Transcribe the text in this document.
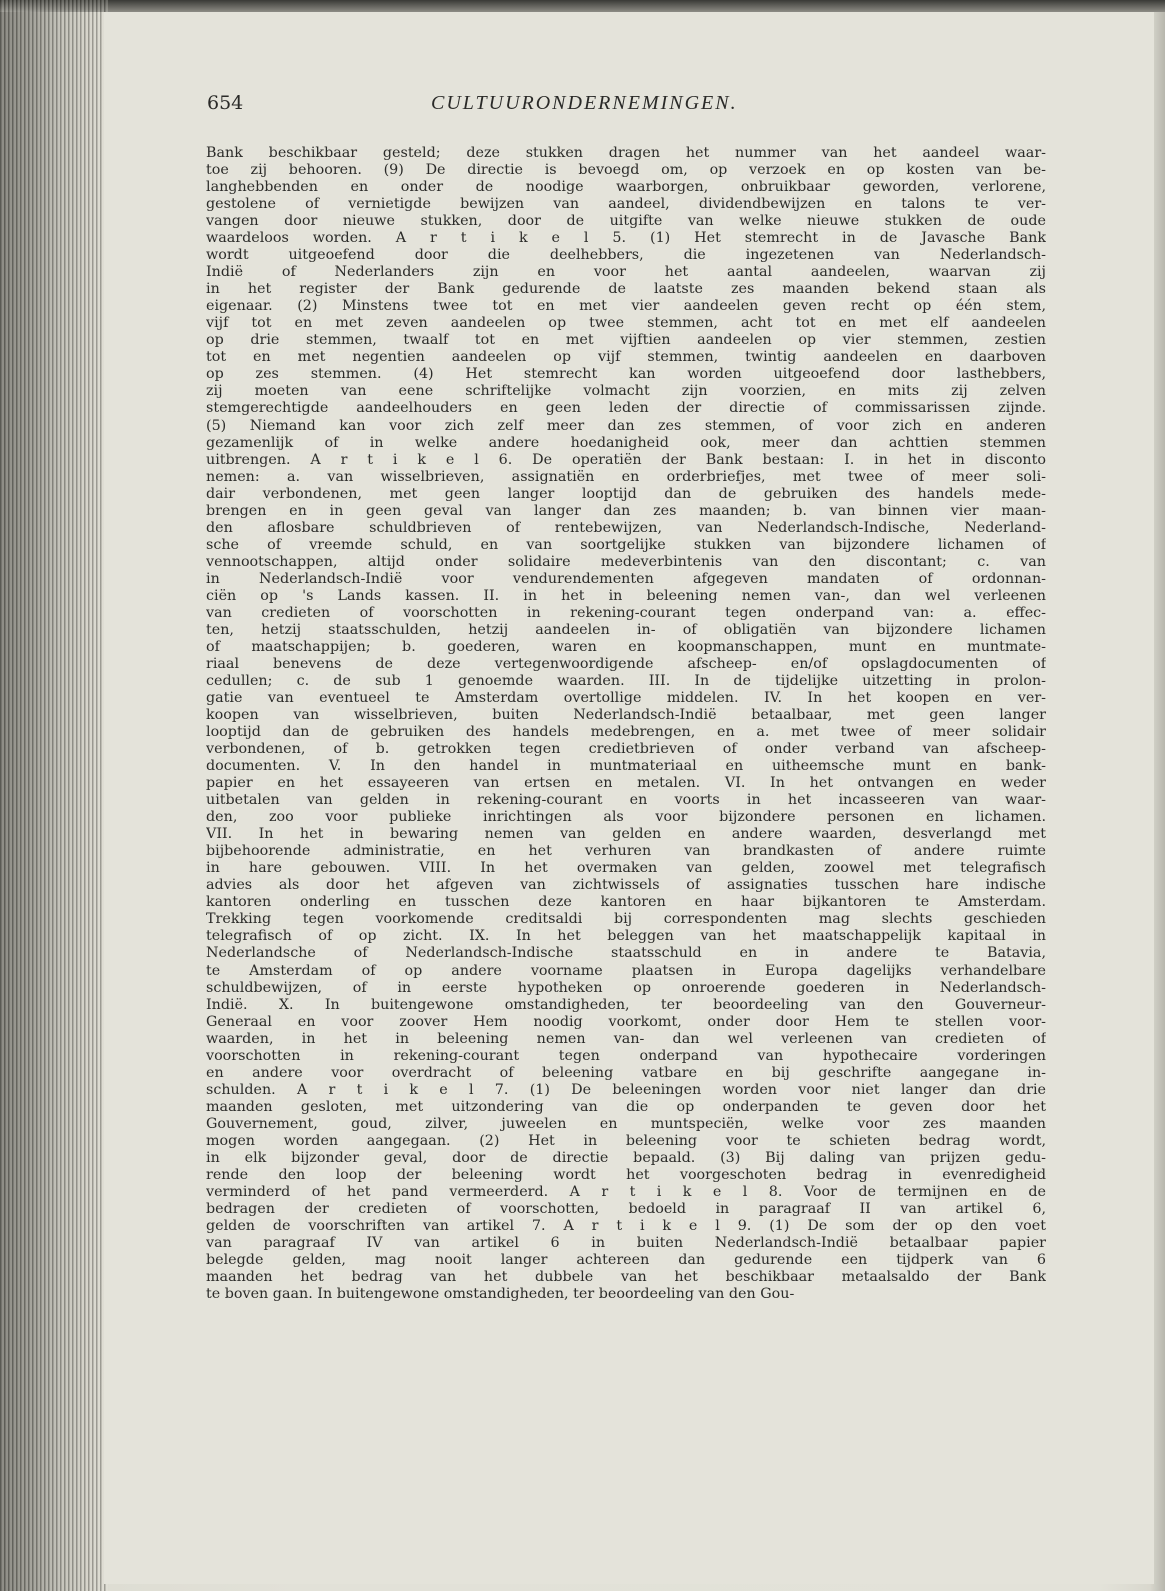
654	CULTUURONDERNEMINGEN.
Bank beschikbaar gesteld; deze stukken dragen het nummer van het aandeel waar-
toe zij behooren. (9) De directie is bevoegd om, op verzoek en op kosten van be-
langhebbenden en onder de noodige waarborgen, onbruikbaar geworden, verlorene,
gestolene of vernietigde bewijzen van aandeel, dividendbewijzen en talons te ver-
vangen door nieuwe stukken, door de uitgifte van welke nieuwe stukken de oude
waardeloos worden. A r t i k e l 5. (1) Het stemrecht in de Javasche Bank
wordt uitgeoefend door die deelhebbers, die ingezetenen van Nederlandsch-
Indië of Nederlanders zijn en voor het aantal aandeelen, waarvan zij
in het register der Bank gedurende de laatste zes maanden bekend staan als
eigenaar. (2) Minstens twee tot en met vier aandeelen geven recht op één stem,
vijf tot en met zeven aandeelen op twee stemmen, acht tot en met elf aandeelen
op drie stemmen, twaalf tot en met vijftien aandeelen op vier stemmen, zestien
tot en met negentien aandeelen op vijf stemmen, twintig aandeelen en daarboven
op zes stemmen. (4) Het stemrecht kan worden uitgeoefend door lasthebbers,
zij moeten van eene schriftelijke volmacht zijn voorzien, en mits zij zelven
stemgerechtigde aandeelhouders en geen leden der directie of commissarissen zijnde.
(5) Niemand kan voor zich zelf meer dan zes stemmen, of voor zich en anderen
gezamenlijk of in welke andere hoedanigheid ook, meer dan achttien stemmen
uitbrengen. A r t i k e l 6. De operatiën der Bank bestaan: I. in het in disconto
nemen: a. van wisselbrieven, assignatiën en orderbriefjes, met twee of meer soli-
dair verbondenen, met geen langer looptijd dan de gebruiken des handels mede-
brengen en in geen geval van langer dan zes maanden; b. van binnen vier maan-
den aflosbare schuldbrieven of rentebewijzen, van Nederlandsch-Indische, Nederland-
sche of vreemde schuld, en van soortgelijke stukken van bijzondere lichamen of
vennootschappen, altijd onder solidaire medeverbintenis van den discontant; c. van
in Nederlandsch-Indië voor vendurendementen afgegeven mandaten of ordonnan-
ciën op 's Lands kassen. II. in het in beleening nemen van-, dan wel verleenen
van credieten of voorschotten in rekening-courant tegen onderpand van: a. effec-
ten, hetzij staatsschulden, hetzij aandeelen in- of obligatiën van bijzondere lichamen
of maatschappijen; b. goederen, waren en koopmanschappen, munt en muntmate-
riaal benevens de deze vertegenwoordigende afscheep- en/of opslagdocumenten of
cedullen; c. de sub 1 genoemde waarden. III. In de tijdelijke uitzetting in prolon-
gatie van eventueel te Amsterdam overtollige middelen. IV. In het koopen en ver-
koopen van wisselbrieven, buiten Nederlandsch-Indië betaalbaar, met geen langer
looptijd dan de gebruiken des handels medebrengen, en a. met twee of meer solidair
verbondenen, of b. getrokken tegen credietbrieven of onder verband van afscheep-
documenten. V. In den handel in muntmateriaal en uitheemsche munt en bank-
papier en het essayeeren van ertsen en metalen. VI. In het ontvangen en weder
uitbetalen van gelden in rekening-courant en voorts in het incasseeren van waar-
den, zoo voor publieke inrichtingen als voor bijzondere personen en lichamen.
VII. In het in bewaring nemen van gelden en andere waarden, desverlangd met
bijbehoorende administratie, en het verhuren van brandkasten of andere ruimte
in hare gebouwen. VIII. In het overmaken van gelden, zoowel met telegrafisch
advies als door het afgeven van zichtwissels of assignaties tusschen hare indische
kantoren onderling en tusschen deze kantoren en haar bijkantoren te Amsterdam.
Trekking tegen voorkomende creditsaldi bij correspondenten mag slechts geschieden
telegrafisch of op zicht. IX. In het beleggen van het maatschappelijk kapitaal in
Nederlandsche of Nederlandsch-Indische staatsschuld en in andere te Batavia,
te Amsterdam of op andere voorname plaatsen in Europa dagelijks verhandelbare
schuldbewijzen, of in eerste hypotheken op onroerende goederen in Nederlandsch-
Indië. X. In buitengewone omstandigheden, ter beoordeeling van den Gouverneur-
Generaal en voor zoover Hem noodig voorkomt, onder door Hem te stellen voor-
waarden, in het in beleening nemen van- dan wel verleenen van credieten of
voorschotten in rekening-courant tegen onderpand van hypothecaire vorderingen
en andere voor overdracht of beleening vatbare en bij geschrifte aangegane in-
schulden. A r t i k e l 7. (1) De beleeningen worden voor niet langer dan drie
maanden gesloten, met uitzondering van die op onderpanden te geven door het
Gouvernement, goud, zilver, juweelen en muntspeciën, welke voor zes maanden
mogen worden aangegaan. (2) Het in beleening voor te schieten bedrag wordt,
in elk bijzonder geval, door de directie bepaald. (3) Bij daling van prijzen gedu-
rende den loop der beleening wordt het voorgeschoten bedrag in evenredigheid
verminderd of het pand vermeerderd. A r t i k e l 8. Voor de termijnen en de
bedragen der credieten of voorschotten, bedoeld in paragraaf II van artikel 6,
gelden de voorschriften van artikel 7. A r t i k e l 9. (1) De som der op den voet
van paragraaf IV van artikel 6 in buiten Nederlandsch-Indië betaalbaar papier
belegde gelden, mag nooit langer achtereen dan gedurende een tijdperk van 6
maanden het bedrag van het dubbele van het beschikbaar metaalsaldo der Bank
te boven gaan. In buitengewone omstandigheden, ter beoordeeling van den Gou-
